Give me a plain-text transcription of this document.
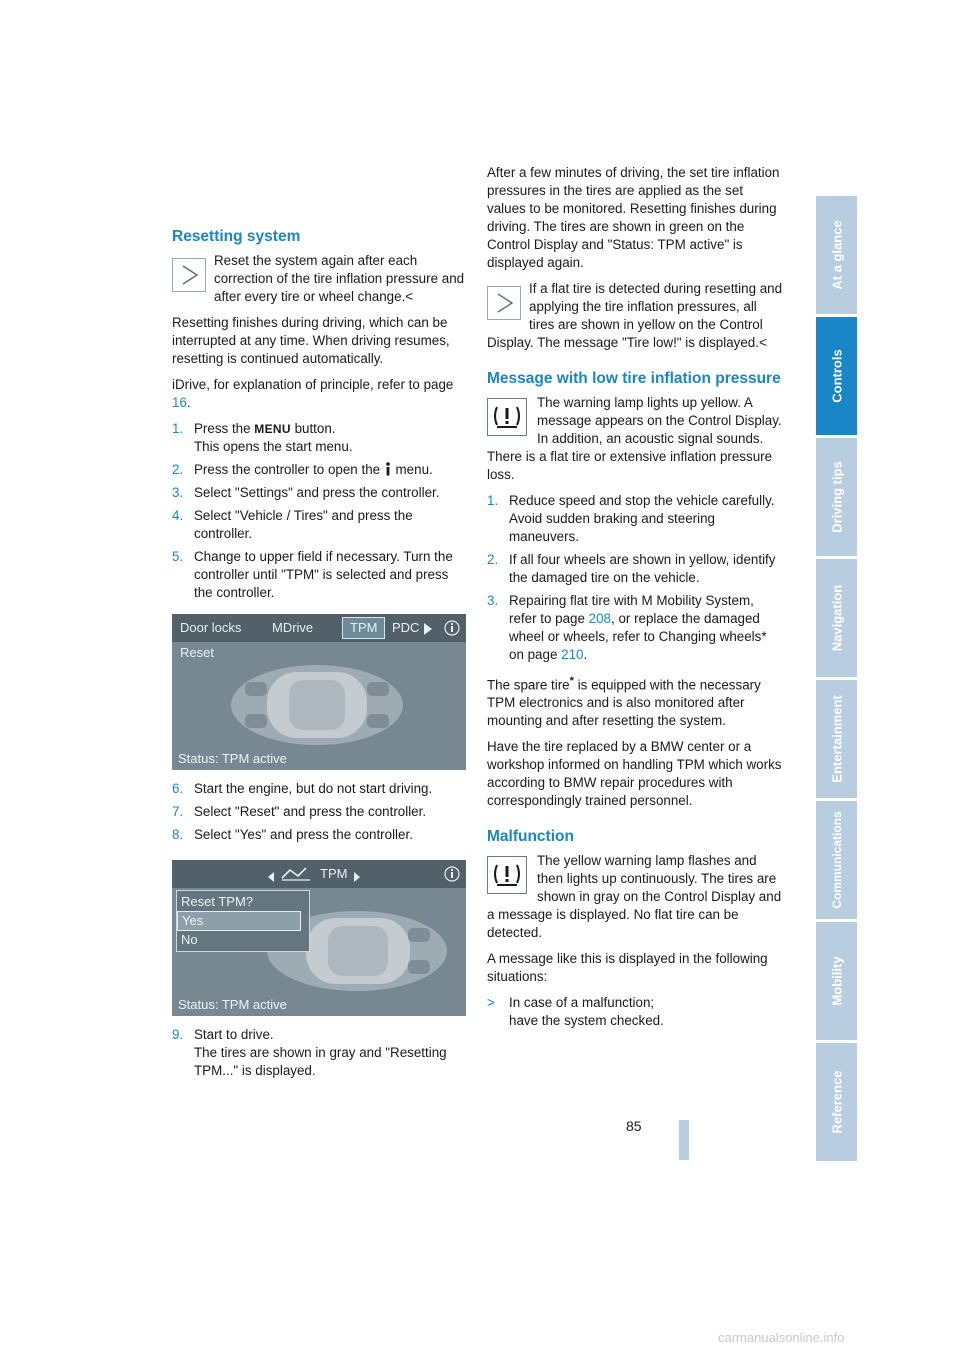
Resetting system

Reset the system again after each correction of the tire inflation pressure and after every tire or wheel change.<

Resetting finishes during driving, which can be interrupted at any time. When driving resumes, resetting is continued automatically.

iDrive, for explanation of principle, refer to page 16.

1. Press the MENU button.
This opens the start menu.
2. Press the controller to open the  menu.
3. Select "Settings" and press the controller.
4. Select "Vehicle / Tires" and press the controller.
5. Change to upper field if necessary. Turn the controller until "TPM" is selected and press the controller.
Door locks MDrive	TPM	PDC
Reset
Status: TPM active
6. Start the engine, but do not start driving.
7. Select "Reset" and press the controller.
8. Select "Yes" and press the controller.
TPM
Reset TPM?
Yes
No
Status: TPM active
9. Start to drive.
The tires are shown in gray and "Resetting TPM..." is displayed.

After a few minutes of driving, the set tire inflation pressures in the tires are applied as the set values to be monitored. Resetting finishes during driving. The tires are shown in green on the Control Display and "Status: TPM active" is displayed again.

If a flat tire is detected during resetting and applying the tire inflation pressures, all tires are shown in yellow on the Control Display. The message "Tire low!" is displayed.<

Message with low tire inflation pressure

The warning lamp lights up yellow. A message appears on the Control Display. In addition, an acoustic signal sounds. There is a flat tire or extensive inflation pressure loss.

1. Reduce speed and stop the vehicle carefully. Avoid sudden braking and steering maneuvers.
2. If all four wheels are shown in yellow, identify the damaged tire on the vehicle.
3. Repairing flat tire with M Mobility System, refer to page 208, or replace the damaged wheel or wheels, refer to Changing wheels* on page 210.

The spare tire* is equipped with the necessary TPM electronics and is also monitored after mounting and after resetting the system.

Have the tire replaced by a BMW center or a workshop informed on handling TPM which works according to BMW repair procedures with correspondingly trained personnel.

Malfunction

The yellow warning lamp flashes and then lights up continuously. The tires are shown in gray on the Control Display and a message is displayed. No flat tire can be detected.

A message like this is displayed in the following situations:

> In case of a malfunction;
have the system checked.
At a glance
Controls
Driving tips
Navigation
Entertainment
Communications
Mobility
Reference
85
carmanualsonline.info
